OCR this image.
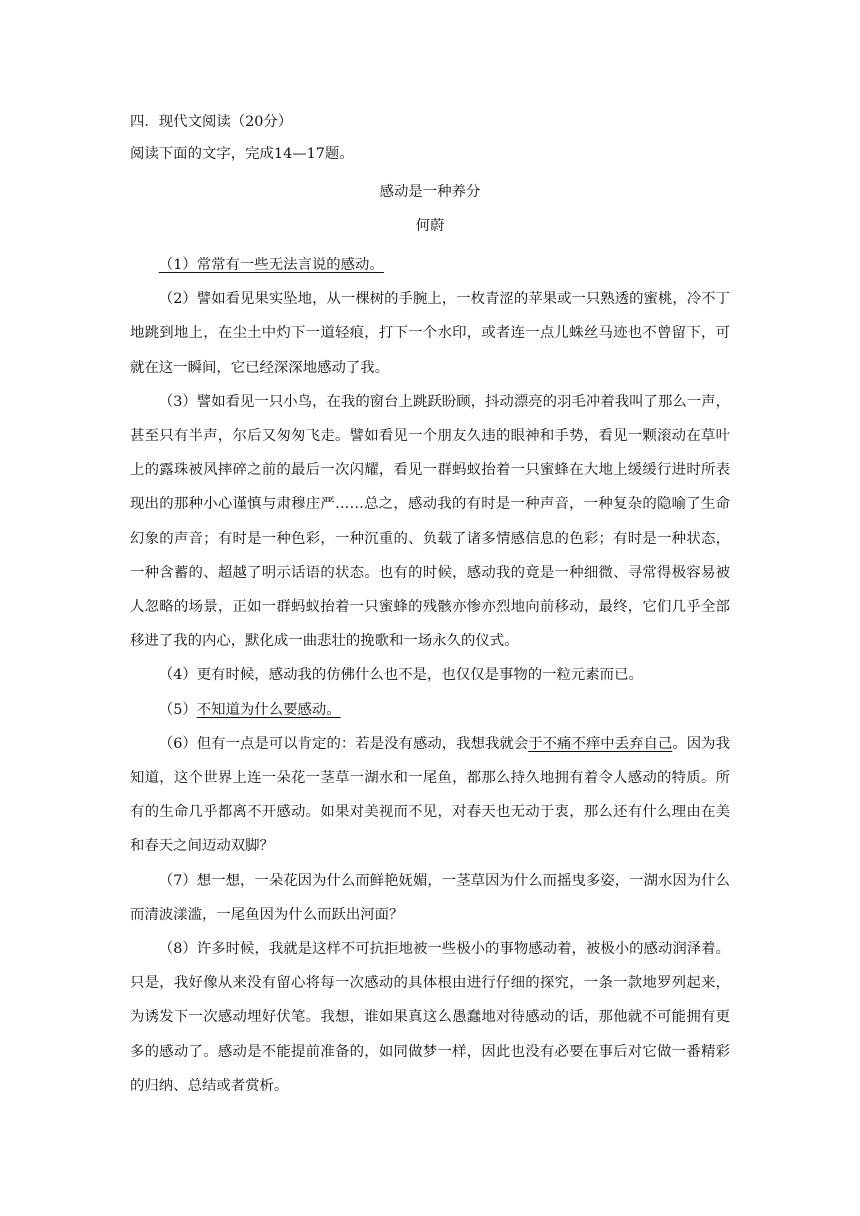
四．现代文阅读（20分）

阅读下面的文字，完成14—17题。

感动是一种养分

何蔚

（1）常常有一些无法言说的感动。

（2）譬如看见果实坠地，从一棵树的手腕上，一枚青涩的苹果或一只熟透的蜜桃，冷不丁地跳到地上，在尘土中灼下一道轻痕，打下一个水印，或者连一点儿蛛丝马迹也不曾留下，可就在这一瞬间，它已经深深地感动了我。

（3）譬如看见一只小鸟，在我的窗台上跳跃盼顾，抖动漂亮的羽毛冲着我叫了那么一声，甚至只有半声，尔后又匆匆飞走。譬如看见一个朋友久违的眼神和手势，看见一颗滚动在草叶上的露珠被风摔碎之前的最后一次闪耀，看见一群蚂蚁抬着一只蜜蜂在大地上缓缓行进时所表现出的那种小心谨慎与肃穆庄严……总之，感动我的有时是一种声音，一种复杂的隐喻了生命幻象的声音；有时是一种色彩，一种沉重的、负载了诸多情感信息的色彩；有时是一种状态，一种含蓄的、超越了明示话语的状态。也有的时候，感动我的竟是一种细微、寻常得极容易被人忽略的场景，正如一群蚂蚁抬着一只蜜蜂的残骸亦惨亦烈地向前移动，最终，它们几乎全部移进了我的内心，默化成一曲悲壮的挽歌和一场永久的仪式。

（4）更有时候，感动我的仿佛什么也不是，也仅仅是事物的一粒元素而已。

（5）不知道为什么要感动。

（6）但有一点是可以肯定的：若是没有感动，我想我就会于不痛不痒中丢弃自己。因为我知道，这个世界上连一朵花一茎草一湖水和一尾鱼，都那么持久地拥有着令人感动的特质。所有的生命几乎都离不开感动。如果对美视而不见，对春天也无动于衷，那么还有什么理由在美和春天之间迈动双脚？

（7）想一想，一朵花因为什么而鲜艳妩媚，一茎草因为什么而摇曳多姿，一湖水因为什么而清波漾滥，一尾鱼因为什么而跃出河面？

（8）许多时候，我就是这样不可抗拒地被一些极小的事物感动着，被极小的感动润泽着。只是，我好像从来没有留心将每一次感动的具体根由进行仔细的探究，一条一款地罗列起来，为诱发下一次感动埋好伏笔。我想，谁如果真这么愚蠢地对待感动的话，那他就不可能拥有更多的感动了。感动是不能提前准备的，如同做梦一样，因此也没有必要在事后对它做一番精彩的归纳、总结或者赏析。
